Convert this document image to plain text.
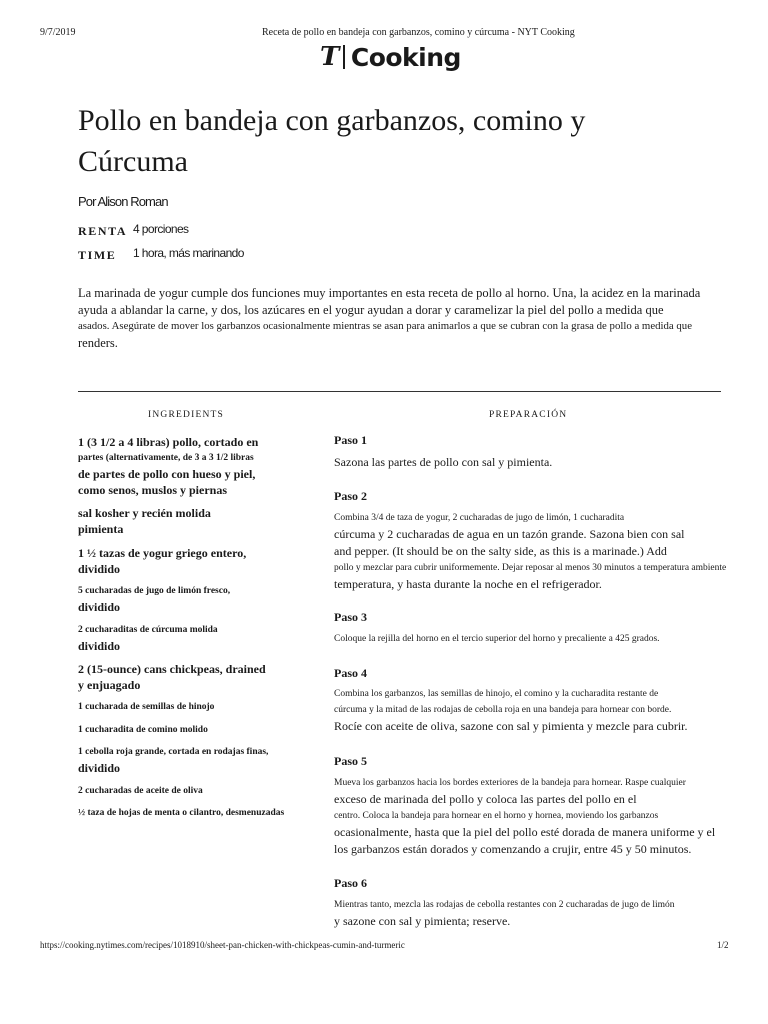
9/7/2019	Receta de pollo en bandeja con garbanzos, comino y cúrcuma - NYT Cooking
T Cooking
Pollo en bandeja con garbanzos, comino y
Cúrcuma
Por Alison Roman
RENTA 4 porciones
TIME 1 hora, más marinando
La marinada de yogur cumple dos funciones muy importantes en esta receta de pollo al horno. Una, la acidez en la marinada
ayuda a ablandar la carne, y dos, los azúcares en el yogur ayudan a dorar y caramelizar la piel del pollo a medida que
asados. Asegúrate de mover los garbanzos ocasionalmente mientras se asan para animarlos a que se cubran con la grasa de pollo a medida que
renders.
INGREDIENTS	PREPARACIÓN
1 (3 1/2 a 4 libras) pollo, cortado en
partes (alternativamente, de 3 a 3 1/2 libras
de partes de pollo con hueso y piel,
como senos, muslos y piernas
sal kosher y recién molida
pimienta
1 ½ tazas de yogur griego entero,
dividido
5 cucharadas de jugo de limón fresco,
dividido
2 cucharaditas de cúrcuma molida
dividido
2 (15-ounce) cans chickpeas, drained
y enjuagado
1 cucharada de semillas de hinojo
1 cucharadita de comino molido
1 cebolla roja grande, cortada en rodajas finas,
dividido
2 cucharadas de aceite de oliva
½ taza de hojas de menta o cilantro, desmenuzadas
Paso 1
Sazona las partes de pollo con sal y pimienta.
Paso 2
Combina 3/4 de taza de yogur, 2 cucharadas de jugo de limón, 1 cucharadita
cúrcuma y 2 cucharadas de agua en un tazón grande. Sazona bien con sal
and pepper. (It should be on the salty side, as this is a marinade.) Add
pollo y mezclar para cubrir uniformemente. Dejar reposar al menos 30 minutos a temperatura ambiente
temperatura, y hasta durante la noche en el refrigerador.
Paso 3
Coloque la rejilla del horno en el tercio superior del horno y precaliente a 425 grados.
Paso 4
Combina los garbanzos, las semillas de hinojo, el comino y la cucharadita restante de
cúrcuma y la mitad de las rodajas de cebolla roja en una bandeja para hornear con borde.
Rocíe con aceite de oliva, sazone con sal y pimienta y mezcle para cubrir.
Paso 5
Mueva los garbanzos hacia los bordes exteriores de la bandeja para hornear. Raspe cualquier
exceso de marinada del pollo y coloca las partes del pollo en el
centro. Coloca la bandeja para hornear en el horno y hornea, moviendo los garbanzos
ocasionalmente, hasta que la piel del pollo esté dorada de manera uniforme y el
los garbanzos están dorados y comenzando a crujir, entre 45 y 50 minutos.
Paso 6
Mientras tanto, mezcla las rodajas de cebolla restantes con 2 cucharadas de jugo de limón
y sazone con sal y pimienta; reserve.
https://cooking.nytimes.com/recipes/1018910/sheet-pan-chicken-with-chickpeas-cumin-and-turmeric	1/2
